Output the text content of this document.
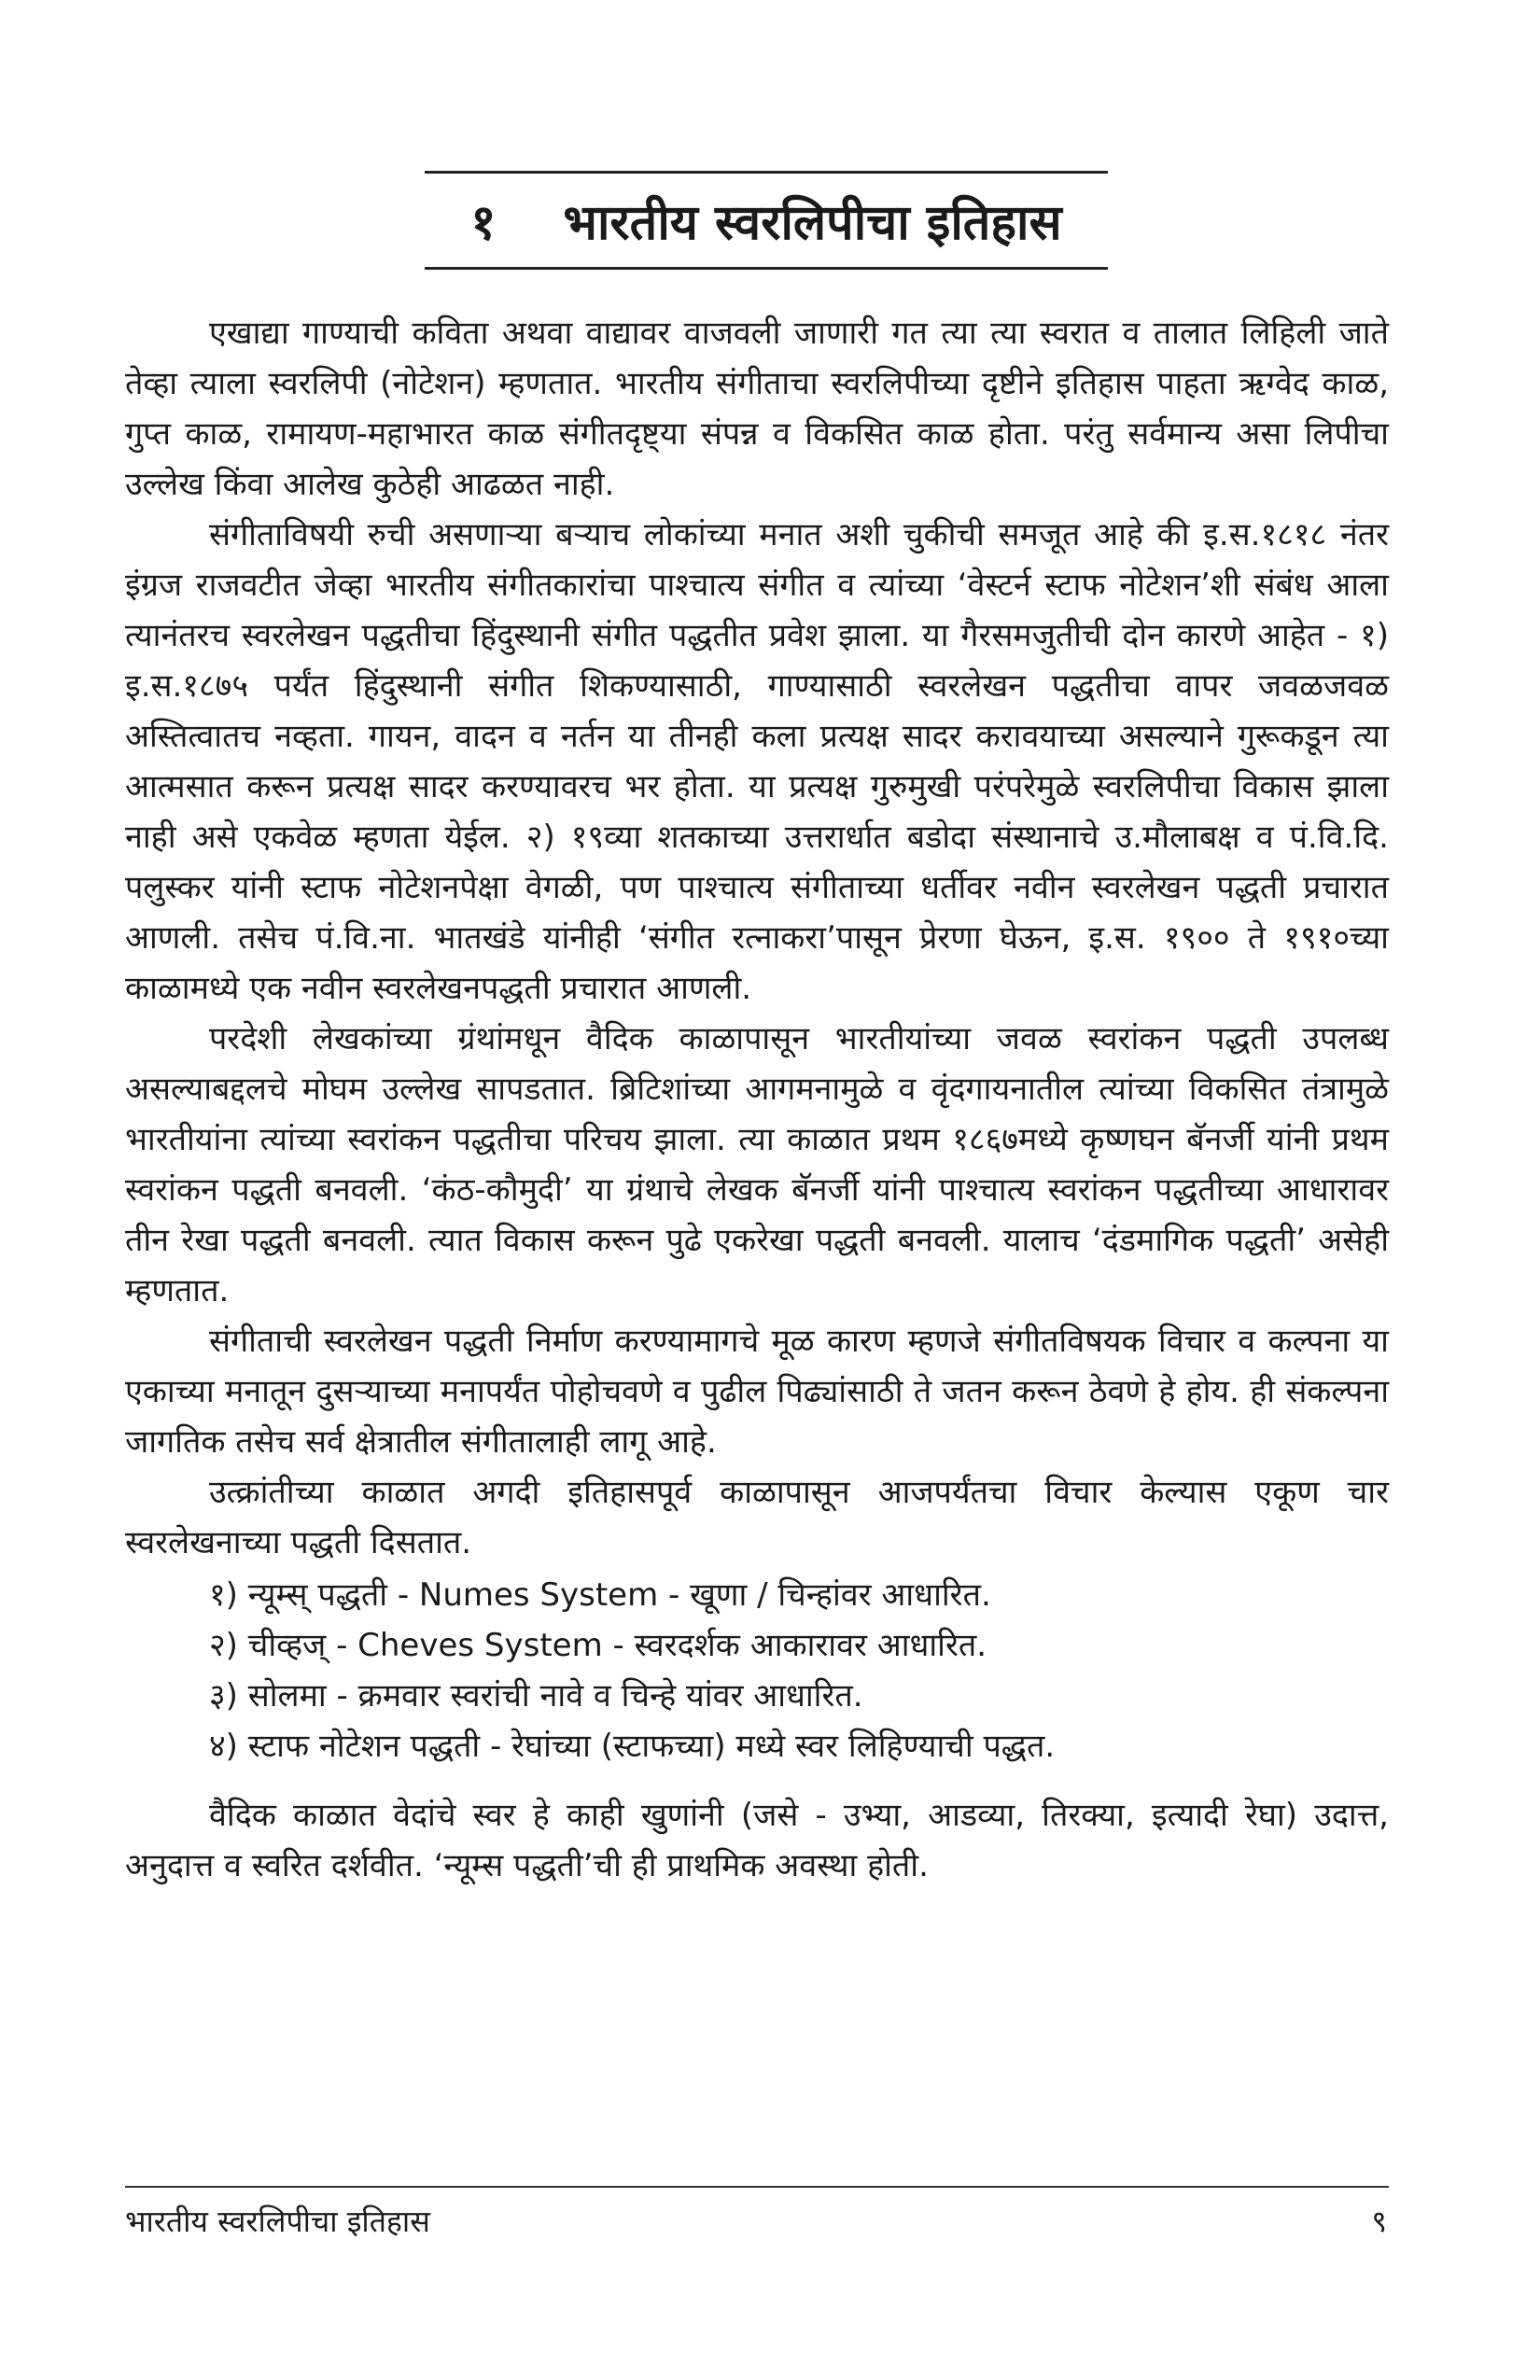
१ भारतीय स्वरलिपीचा इतिहास

एखाद्या गाण्याची कविता अथवा वाद्यावर वाजवली जाणारी गत त्या त्या स्वरात व तालात लिहिली जाते तेव्हा त्याला स्वरलिपी (नोटेशन) म्हणतात. भारतीय संगीताचा स्वरलिपीच्या दृष्टीने इतिहास पाहता ऋग्वेद काळ, गुप्त काळ, रामायण-महाभारत काळ संगीतदृष्ट्या संपन्न व विकसित काळ होता. परंतु सर्वमान्य असा लिपीचा उल्लेख किंवा आलेख कुठेही आढळत नाही.

संगीताविषयी रुची असणाऱ्या बऱ्याच लोकांच्या मनात अशी चुकीची समजूत आहे की इ.स.१८१८ नंतर इंग्रज राजवटीत जेव्हा भारतीय संगीतकारांचा पाश्चात्य संगीत व त्यांच्या ‘वेस्टर्न स्टाफ नोटेशन’शी संबंध आला त्यानंतरच स्वरलेखन पद्धतीचा हिंदुस्थानी संगीत पद्धतीत प्रवेश झाला. या गैरसमजुतीची दोन कारणे आहेत - १) इ.स.१८७५ पर्यंत हिंदुस्थानी संगीत शिकण्यासाठी, गाण्यासाठी स्वरलेखन पद्धतीचा वापर जवळजवळ अस्तित्वातच नव्हता. गायन, वादन व नर्तन या तीनही कला प्रत्यक्ष सादर करावयाच्या असल्याने गुरूकडून त्या आत्मसात करून प्रत्यक्ष सादर करण्यावरच भर होता. या प्रत्यक्ष गुरुमुखी परंपरेमुळे स्वरलिपीचा विकास झाला नाही असे एकवेळ म्हणता येईल. २) १९व्या शतकाच्या उत्तरार्धात बडोदा संस्थानाचे उ.मौलाबक्ष व पं.वि.दि. पलुस्कर यांनी स्टाफ नोटेशनपेक्षा वेगळी, पण पाश्चात्य संगीताच्या धर्तीवर नवीन स्वरलेखन पद्धती प्रचारात आणली. तसेच पं.वि.ना. भातखंडे यांनीही ‘संगीत रत्नाकरा’पासून प्रेरणा घेऊन, इ.स. १९०० ते १९१०च्या काळामध्ये एक नवीन स्वरलेखनपद्धती प्रचारात आणली.

परदेशी लेखकांच्या ग्रंथांमधून वैदिक काळापासून भारतीयांच्या जवळ स्वरांकन पद्धती उपलब्ध असल्याबद्दलचे मोघम उल्लेख सापडतात. ब्रिटिशांच्या आगमनामुळे व वृंदगायनातील त्यांच्या विकसित तंत्रामुळे भारतीयांना त्यांच्या स्वरांकन पद्धतीचा परिचय झाला. त्या काळात प्रथम १८६७मध्ये कृष्णघन बॅनर्जी यांनी प्रथम स्वरांकन पद्धती बनवली. ‘कंठ-कौमुदी’ या ग्रंथाचे लेखक बॅनर्जी यांनी पाश्चात्य स्वरांकन पद्धतीच्या आधारावर तीन रेखा पद्धती बनवली. त्यात विकास करून पुढे एकरेखा पद्धती बनवली. यालाच ‘दंडमागिक पद्धती’ असेही म्हणतात.

संगीताची स्वरलेखन पद्धती निर्माण करण्यामागचे मूळ कारण म्हणजे संगीतविषयक विचार व कल्पना या एकाच्या मनातून दुसऱ्याच्या मनापर्यंत पोहोचवणे व पुढील पिढ्यांसाठी ते जतन करून ठेवणे हे होय. ही संकल्पना जागतिक तसेच सर्व क्षेत्रातील संगीतालाही लागू आहे.

उत्क्रांतीच्या काळात अगदी इतिहासपूर्व काळापासून आजपर्यंतचा विचार केल्यास एकूण चार स्वरलेखनाच्या पद्धती दिसतात.

१) न्यूम्स् पद्धती - Numes System - खूणा / चिन्हांवर आधारित.
२) चीव्हज् - Cheves System - स्वरदर्शक आकारावर आधारित.
३) सोलमा - क्रमवार स्वरांची नावे व चिन्हे यांवर आधारित.
४) स्टाफ नोटेशन पद्धती - रेघांच्या (स्टाफच्या) मध्ये स्वर लिहिण्याची पद्धत.

वैदिक काळात वेदांचे स्वर हे काही खुणांनी (जसे - उभ्या, आडव्या, तिरक्या, इत्यादी रेघा) उदात्त, अनुदात्त व स्वरित दर्शवीत. ‘न्यूम्स पद्धती’ची ही प्राथमिक अवस्था होती.

भारतीय स्वरलिपीचा इतिहास	९
